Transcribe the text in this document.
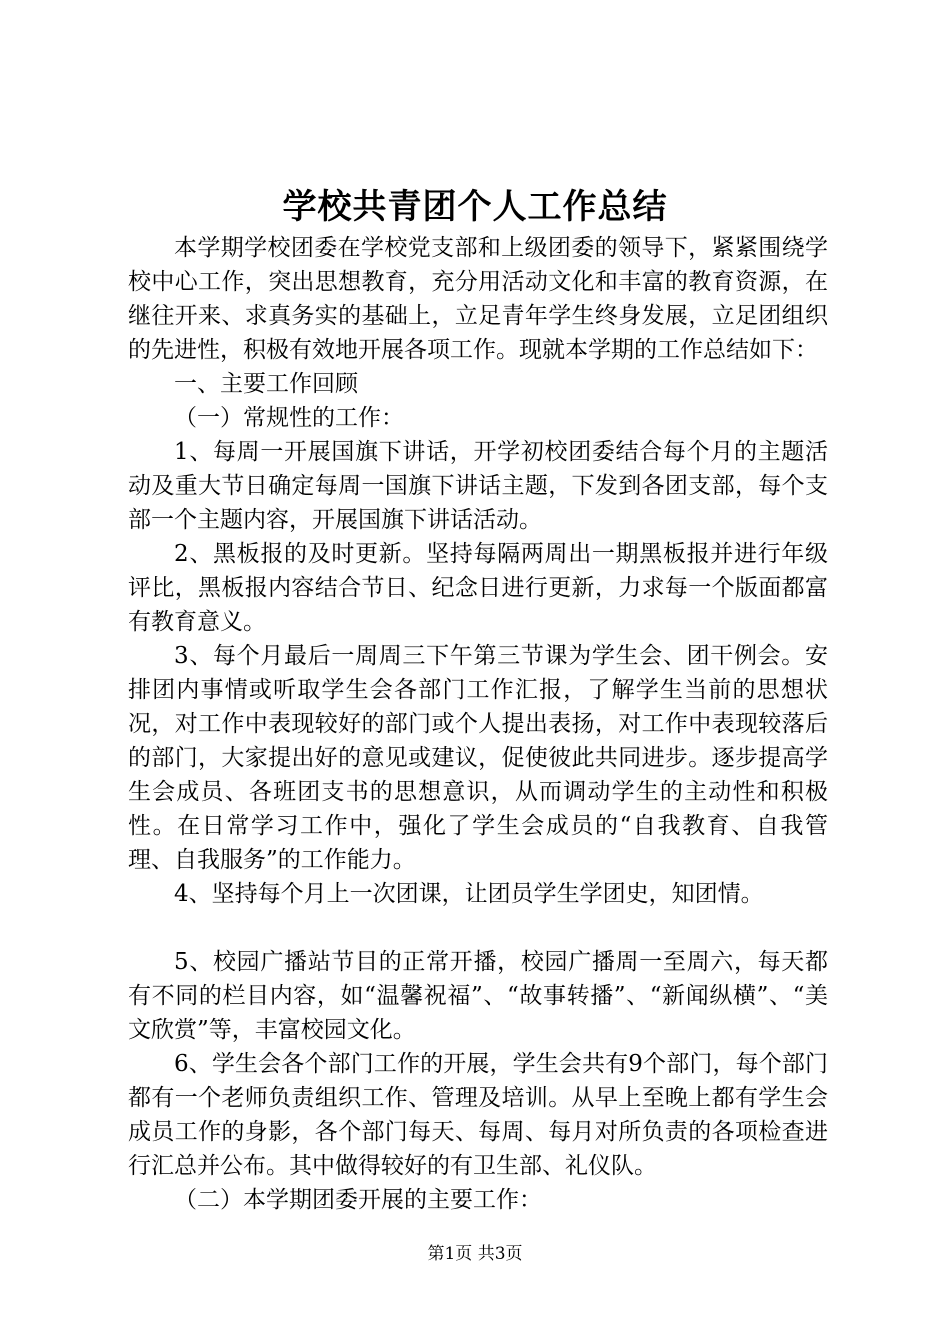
学校共青团个人工作总结

本学期学校团委在学校党支部和上级团委的领导下，紧紧围绕学校中心工作，突出思想教育，充分用活动文化和丰富的教育资源，在继往开来、求真务实的基础上，立足青年学生终身发展，立足团组织的先进性，积极有效地开展各项工作。现就本学期的工作总结如下：

一、主要工作回顾

（一）常规性的工作：

1、每周一开展国旗下讲话，开学初校团委结合每个月的主题活动及重大节日确定每周一国旗下讲话主题，下发到各团支部，每个支部一个主题内容，开展国旗下讲话活动。

2、黑板报的及时更新。坚持每隔两周出一期黑板报并进行年级评比，黑板报内容结合节日、纪念日进行更新，力求每一个版面都富有教育意义。

3、每个月最后一周周三下午第三节课为学生会、团干例会。安排团内事情或听取学生会各部门工作汇报，了解学生当前的思想状况，对工作中表现较好的部门或个人提出表扬，对工作中表现较落后的部门，大家提出好的意见或建议，促使彼此共同进步。逐步提高学生会成员、各班团支书的思想意识，从而调动学生的主动性和积极性。在日常学习工作中，强化了学生会成员的“自我教育、自我管理、自我服务”的工作能力。

4、坚持每个月上一次团课，让团员学生学团史，知团情。

5、校园广播站节目的正常开播，校园广播周一至周六，每天都有不同的栏目内容，如“温馨祝福”、“故事转播”、“新闻纵横”、“美文欣赏”等，丰富校园文化。

6、学生会各个部门工作的开展，学生会共有9个部门，每个部门都有一个老师负责组织工作、管理及培训。从早上至晚上都有学生会成员工作的身影，各个部门每天、每周、每月对所负责的各项检查进行汇总并公布。其中做得较好的有卫生部、礼仪队。

（二）本学期团委开展的主要工作：

第1页 共3页
